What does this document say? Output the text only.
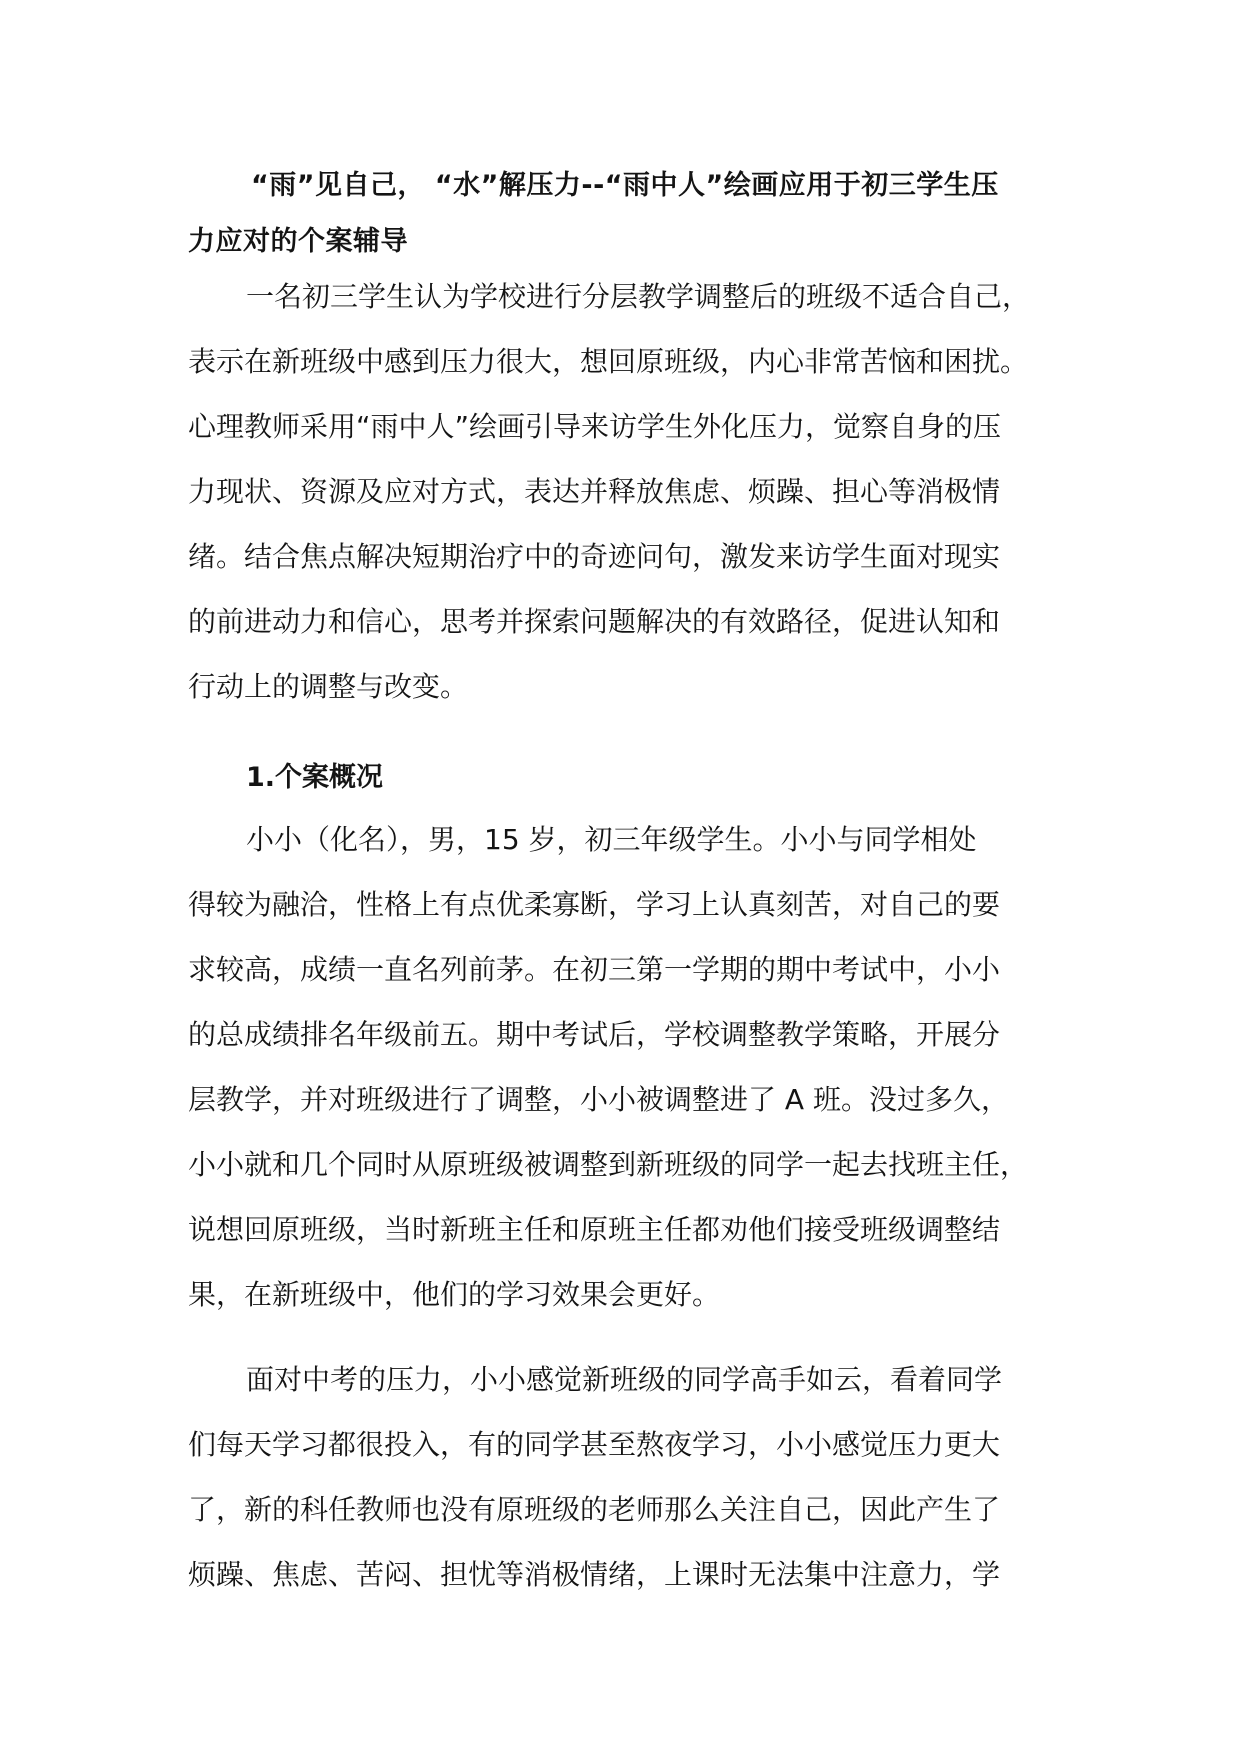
“雨”见自己， “水”解压力--“雨中人”绘画应用于初三学生压
力应对的个案辅导

一名初三学生认为学校进行分层教学调整后的班级不适合自己，
表示在新班级中感到压力很大，想回原班级，内心非常苦恼和困扰。
心理教师采用“雨中人”绘画引导来访学生外化压力，觉察自身的压
力现状、资源及应对方式，表达并释放焦虑、烦躁、担心等消极情
绪。结合焦点解决短期治疗中的奇迹问句，激发来访学生面对现实
的前进动力和信心，思考并探索问题解决的有效路径，促进认知和
行动上的调整与改变。

1.个案概况

小小（化名），男，15 岁，初三年级学生。小小与同学相处
得较为融洽，性格上有点优柔寡断，学习上认真刻苦，对自己的要
求较高，成绩一直名列前茅。在初三第一学期的期中考试中，小小
的总成绩排名年级前五。期中考试后，学校调整教学策略，开展分
层教学，并对班级进行了调整，小小被调整进了 A 班。没过多久，
小小就和几个同时从原班级被调整到新班级的同学一起去找班主任，
说想回原班级，当时新班主任和原班主任都劝他们接受班级调整结
果，在新班级中，他们的学习效果会更好。

面对中考的压力，小小感觉新班级的同学高手如云，看着同学
们每天学习都很投入，有的同学甚至熬夜学习，小小感觉压力更大
了，新的科任教师也没有原班级的老师那么关注自己，因此产生了
烦躁、焦虑、苦闷、担忧等消极情绪，上课时无法集中注意力，学
